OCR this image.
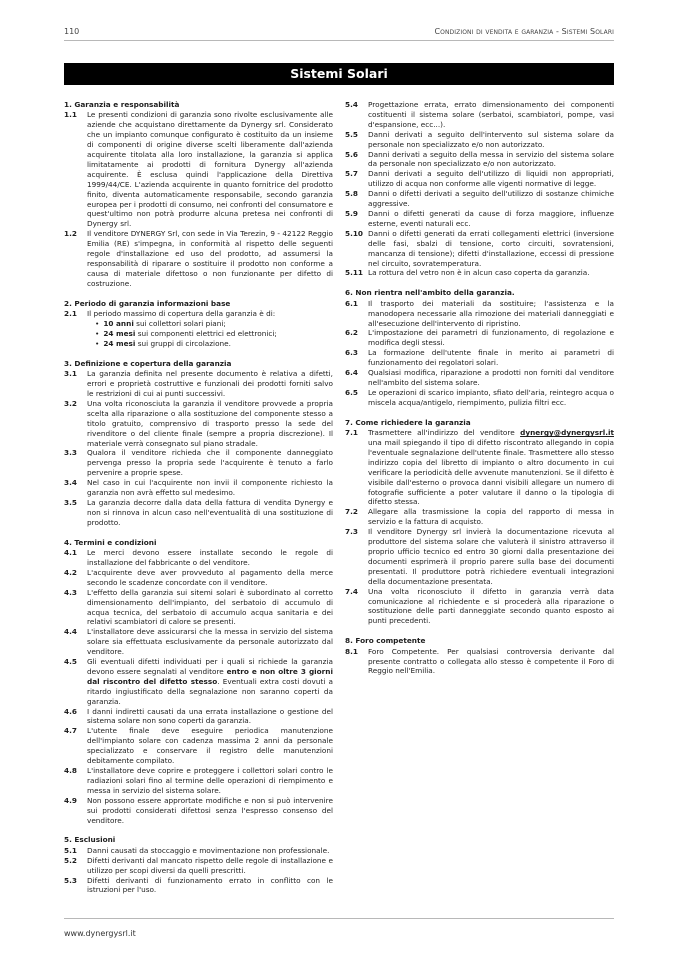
110	Condizioni di vendita e garanzia - Sistemi Solari
Sistemi Solari
1. Garanzia e responsabilità
1.1	Le presenti condizioni di garanzia sono rivolte esclusivamente alle aziende che acquistano direttamente da Dynergy srl. Considerato che un impianto comunque configurato è costituito da un insieme di componenti di origine diverse scelti liberamente dall'azienda acquirente titolata alla loro installazione, la garanzia si applica limitatamente ai prodotti di fornitura Dynergy all'azienda acquirente. È esclusa quindi l'applicazione della Direttiva 1999/44/CE. L'azienda acquirente in quanto fornitrice del prodotto finito, diventa automaticamente responsabile, secondo garanzia europea per i prodotti di consumo, nei confronti del consumatore e quest'ultimo non potrà produrre alcuna pretesa nei confronti di Dynergy srl.
1.2	Il venditore DYNERGY Srl, con sede in Via Terezin, 9 - 42122 Reggio Emilia (RE) s'impegna, in conformità al rispetto delle seguenti regole d'installazione ed uso del prodotto, ad assumersi la responsabilità di riparare o sostituire il prodotto non conforme a causa di materiale difettoso o non funzionante per difetto di costruzione.
2. Periodo di garanzia informazioni base
2.1	Il periodo massimo di copertura della garanzia è di:
• 10 anni sui collettori solari piani;
• 24 mesi sui componenti elettrici ed elettronici;
• 24 mesi sui gruppi di circolazione.
3. Definizione e copertura della garanzia
3.1	La garanzia definita nel presente documento è relativa a difetti, errori e proprietà costruttive e funzionali dei prodotti forniti salvo le restrizioni di cui ai punti successivi.
3.2	Una volta riconosciuta la garanzia il venditore provvede a propria scelta alla riparazione o alla sostituzione del componente stesso a titolo gratuito, comprensivo di trasporto presso la sede del rivenditore o del cliente finale (sempre a propria discrezione). Il materiale verrà consegnato sul piano stradale.
3.3	Qualora il venditore richieda che il componente danneggiato pervenga presso la propria sede l'acquirente è tenuto a farlo pervenire a proprie spese.
3.4	Nel caso in cui l'acquirente non invii il componente richiesto la garanzia non avrà effetto sul medesimo.
3.5	La garanzia decorre dalla data della fattura di vendita Dynergy e non si rinnova in alcun caso nell'eventualità di una sostituzione di prodotto.
4. Termini e condizioni
4.1	Le merci devono essere installate secondo le regole di installazione del fabbricante o del venditore.
4.2	L'acquirente deve aver provveduto al pagamento della merce secondo le scadenze concordate con il venditore.
4.3	L'effetto della garanzia sui sitemi solari è subordinato al corretto dimensionamento dell'impianto, del serbatoio di accumulo di acqua tecnica, del serbatoio di accumulo acqua sanitaria e dei relativi scambiatori di calore se presenti.
4.4	L'installatore deve assicurarsi che la messa in servizio del sistema solare sia effettuata esclusivamente da personale autorizzato dal venditore.
4.5	Gli eventuali difetti individuati per i quali si richiede la garanzia devono essere segnalati al venditore entro e non oltre 3 giorni dal riscontro del difetto stesso. Eventuali extra costi dovuti a ritardo ingiustificato della segnalazione non saranno coperti da garanzia.
4.6	I danni indiretti causati da una errata installazione o gestione del sistema solare non sono coperti da garanzia.
4.7	L'utente finale deve eseguire periodica manutenzione dell'impianto solare con cadenza massima 2 anni da personale specializzato e conservare il registro delle manutenzioni debitamente compilato.
4.8	L'installatore deve coprire e proteggere i collettori solari contro le radiazioni solari fino al termine delle operazioni di riempimento e messa in servizio del sistema solare.
4.9	Non possono essere apprortate modifiche e non si può intervenire sui prodotti considerati difettosi senza l'espresso consenso del venditore.
5. Esclusioni
5.1	Danni causati da stoccaggio e movimentazione non professionale.
5.2	Difetti derivanti dal mancato rispetto delle regole di installazione e utilizzo per scopi diversi da quelli prescritti.
5.3	Difetti derivanti di funzionamento errato in conflitto con le istruzioni per l'uso.
5.4	Progettazione errata, errato dimensionamento dei componenti costituenti il sistema solare (serbatoi, scambiatori, pompe, vasi d'espansione, ecc...).
5.5	Danni derivati a seguito dell'intervento sul sistema solare da personale non specializzato e/o non autorizzato.
5.6	Danni derivati a seguito della messa in servizio del sistema solare da personale non specializzato e/o non autorizzato.
5.7	Danni derivati a seguito dell'utilizzo di liquidi non appropriati, utilizzo di acqua non conforme alle vigenti normative di legge.
5.8	Danni o difetti derivati a seguito dell'utilizzo di sostanze chimiche aggressive.
5.9	Danni o difetti generati da cause di forza maggiore, influenze esterne, eventi naturali ecc.
5.10 Danni o difetti generati da errati collegamenti elettrici (inversione delle fasi, sbalzi di tensione, corto circuiti, sovratensioni, mancanza di tensione); difetti d'installazione, eccessi di pressione nel circuito, sovratemperatura.
5.11 La rottura del vetro non è in alcun caso coperta da garanzia.
6. Non rientra nell'ambito della garanzia.
6.1	Il trasporto dei materiali da sostituire; l'assistenza e la manodopera necessarie alla rimozione dei materiali danneggiati e all'esecuzione dell'intervento di ripristino.
6.2	L'impostazione dei parametri di funzionamento, di regolazione e modifica degli stessi.
6.3	La formazione dell'utente finale in merito ai parametri di funzionamento dei regolatori solari.
6.4	Qualsiasi modifica, riparazione a prodotti non forniti dal venditore nell'ambito del sistema solare.
6.5	Le operazioni di scarico impianto, sfiato dell'aria, reintegro acqua o miscela acqua/antigelo, riempimento, pulizia filtri ecc.
7. Come richiedere la garanzia
7.1	Trasmettere all'indirizzo del venditore dynergy@dynergysrl.it una mail spiegando il tipo di difetto riscontrato allegando in copia l'eventuale segnalazione dell'utente finale. Trasmettere allo stesso indirizzo copia del libretto di impianto o altro documento in cui verificare la periodicità delle avvenute manutenzioni. Se il difetto è visibile dall'esterno o provoca danni visibili allegare un numero di fotografie sufficiente a poter valutare il danno o la tipologia di difetto stessa.
7.2	Allegare alla trasmissione la copia del rapporto di messa in servizio e la fattura di acquisto.
7.3	Il venditore Dynergy srl invierà la documentazione ricevuta al produttore del sistema solare che valuterà il sinistro attraverso il proprio ufficio tecnico ed entro 30 giorni dalla presentazione dei documenti esprimerà il proprio parere sulla base dei documenti presentati. Il produttore potrà richiedere eventuali integrazioni della documentazione presentata.
7.4	Una volta riconosciuto il difetto in garanzia verrà data comunicazione al richiedente e si procederà alla riparazione o sostituzione delle parti danneggiate secondo quanto esposto ai punti precedenti.
8. Foro competente
8.1	Foro Competente. Per qualsiasi controversia derivante dal presente contratto o collegata allo stesso è competente il Foro di Reggio nell'Emilia.
www.dynergysrl.it
